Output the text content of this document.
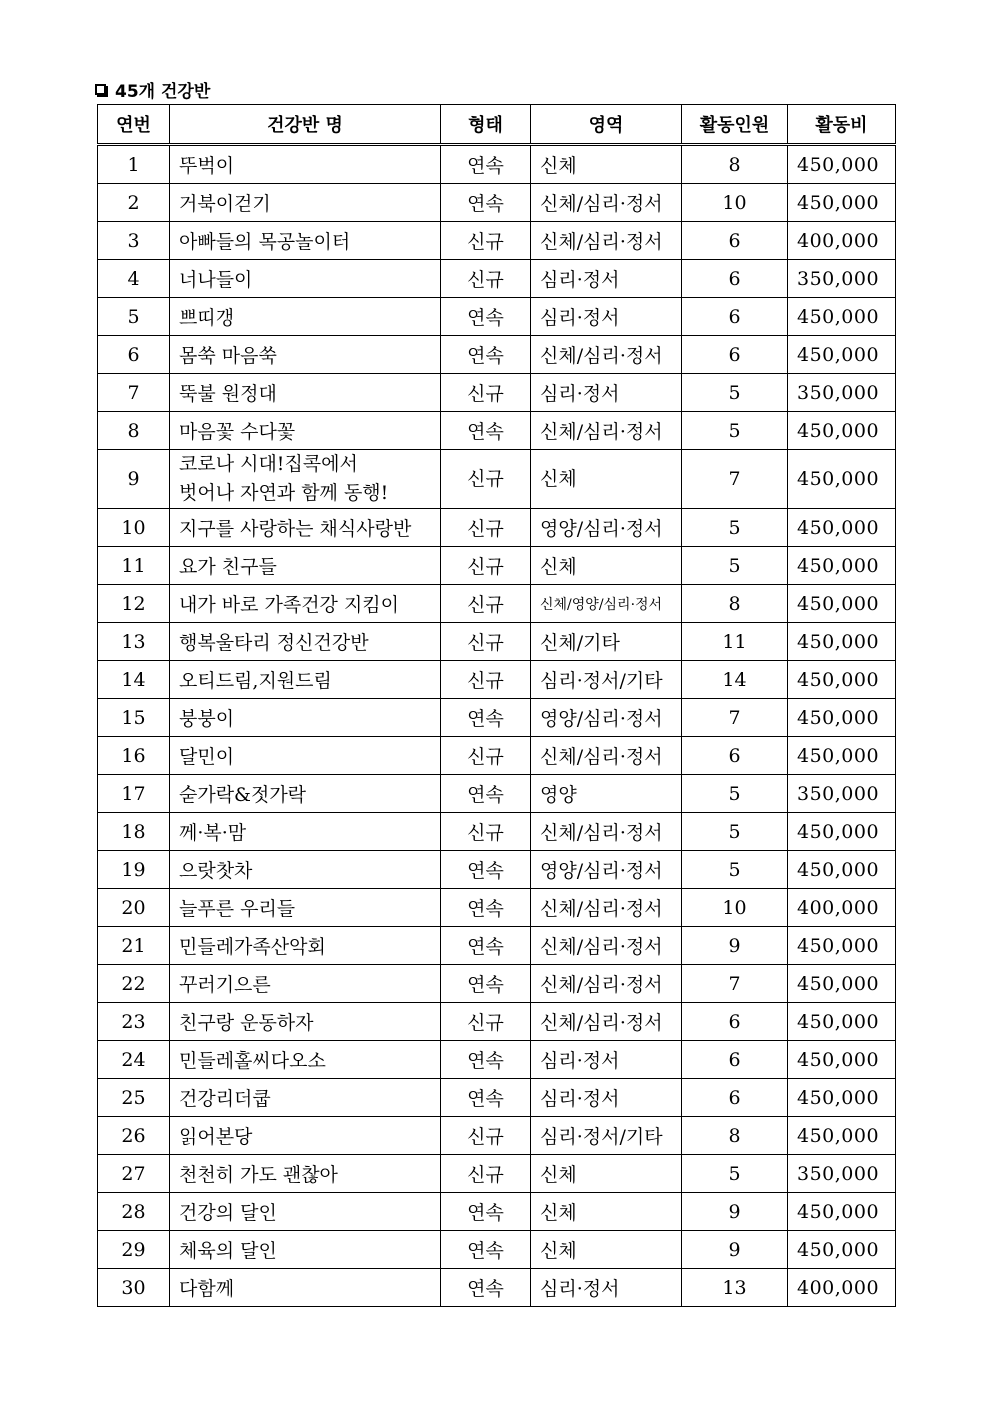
45개 건강반
연번	건강반 명	형태	영역	활동인원	활동비
1	뚜벅이	연속	신체	8	450,000
2	거북이걷기	연속	신체/심리·정서	10	450,000
3	아빠들의 목공놀이터	신규	신체/심리·정서	6	400,000
4	너나들이	신규	심리·정서	6	350,000
5	쁘띠갱	연속	심리·정서	6	450,000
6	몸쑥 마음쑥	연속	신체/심리·정서	6	450,000
7	뚝불 원정대	신규	심리·정서	5	350,000
8	마음꽃 수다꽃	연속	신체/심리·정서	5	450,000
9	코로나 시대!집콕에서
벗어나 자연과 함께 동행!	신규	신체	7	450,000
10	지구를 사랑하는 채식사랑반	신규	영양/심리·정서	5	450,000
11	요가 친구들	신규	신체	5	450,000
12	내가 바로 가족건강 지킴이	신규	신체/영양/심리·정서	8	450,000
13	행복울타리 정신건강반	신규	신체/기타	11	450,000
14	오티드림,지원드림	신규	심리·정서/기타	14	450,000
15	붕붕이	연속	영양/심리·정서	7	450,000
16	달민이	신규	신체/심리·정서	6	450,000
17	숟가락&젓가락	연속	영양	5	350,000
18	께·복·맘	신규	신체/심리·정서	5	450,000
19	으랏찻차	연속	영양/심리·정서	5	450,000
20	늘푸른 우리들	연속	신체/심리·정서	10	400,000
21	민들레가족산악회	연속	신체/심리·정서	9	450,000
22	꾸러기으른	연속	신체/심리·정서	7	450,000
23	친구랑 운동하자	신규	신체/심리·정서	6	450,000
24	민들레홀씨다오소	연속	심리·정서	6	450,000
25	건강리더쿱	연속	심리·정서	6	450,000
26	읽어본당	신규	심리·정서/기타	8	450,000
27	천천히 가도 괜찮아	신규	신체	5	350,000
28	건강의 달인	연속	신체	9	450,000
29	체육의 달인	연속	신체	9	450,000
30	다함께	연속	심리·정서	13	400,000
